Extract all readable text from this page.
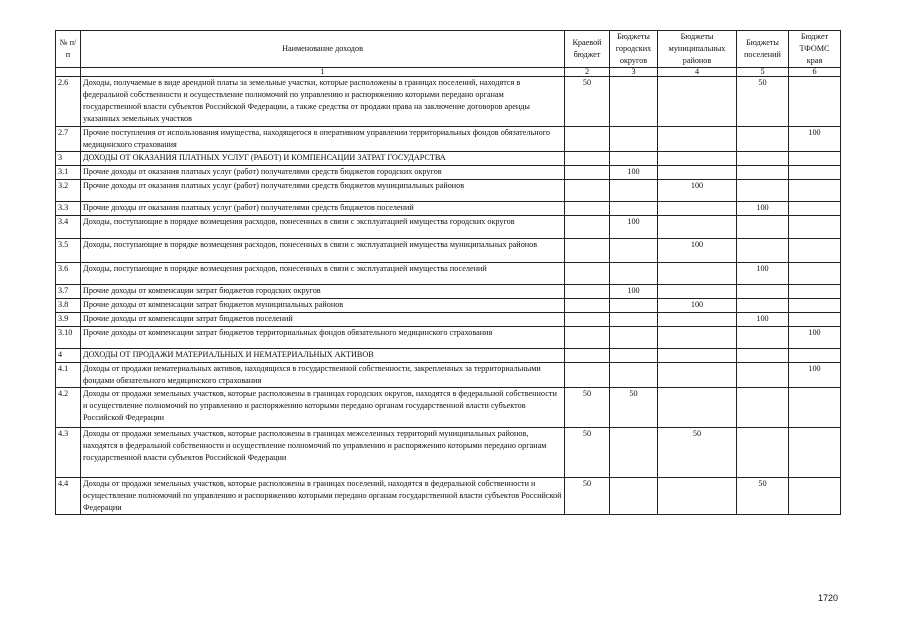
№ п/п	Наименование доходов	Краевой бюджет	Бюджеты городских округов	Бюджеты муниципальных районов	Бюджеты поселений	Бюджет ТФОМС края
	1	2	3	4	5	6
2.6	Доходы, получаемые в виде арендной платы за земельные участки, которые расположены в границах поселений, находятся в федеральной собственности и осуществление полномочий по управлению и распоряжению которыми передано органам государственной власти субъектов Российской Федерации, а также средства от продажи права на заключение договоров аренды указанных земельных участков	50			50	
2.7	Прочие поступления от использования имущества, находящегося в оперативном управлении территориальных фондов обязательного медицинского страхования					100
3	ДОХОДЫ ОТ ОКАЗАНИЯ ПЛАТНЫХ УСЛУГ (РАБОТ) И КОМПЕНСАЦИИ ЗАТРАТ ГОСУДАРСТВА					
3.1	Прочие доходы от оказания платных услуг (работ) получателями средств бюджетов городских округов		100			
3.2	Прочие доходы от оказания платных услуг (работ) получателями средств бюджетов муниципальных районов			100		
3.3	Прочие доходы от оказания платных услуг (работ) получателями средств бюджетов поселений				100	
3.4	Доходы, поступающие в порядке возмещения расходов, понесенных в связи с эксплуатацией имущества городских округов		100			
3.5	Доходы, поступающие в порядке возмещения расходов, понесенных в связи с эксплуатацией имущества муниципальных районов			100		
3.6	Доходы, поступающие в порядке возмещения расходов, понесенных в связи с эксплуатацией имущества поселений				100	
3.7	Прочие доходы от компенсации затрат бюджетов городских округов		100			
3.8	Прочие доходы от компенсации затрат бюджетов муниципальных районов			100		
3.9	Прочие доходы от компенсации затрат бюджетов поселений				100	
3.10	Прочие доходы от компенсации затрат бюджетов территориальных фондов обязательного медицинского страхования					100
4	ДОХОДЫ ОТ ПРОДАЖИ МАТЕРИАЛЬНЫХ И НЕМАТЕРИАЛЬНЫХ АКТИВОВ					
4.1	Доходы от продажи нематериальных активов, находящихся в государственной собственности, закрепленных за территориальными фондами обязательного медицинского страхования					100
4.2	Доходы от продажи земельных участков, которые расположены в границах городских округов, находятся в федеральной собственности и осуществление полномочий по управлению и распоряжению которыми передано органам государственной власти субъектов Российской Федерации	50	50			
4.3	Доходы от продажи земельных участков, которые расположены в границах межселенных территорий муниципальных районов, находятся в федеральной собственности и осуществление полномочий по управлению и распоряжению которыми передано органам государственной власти субъектов Российской Федерации	50		50		
4.4	Доходы от продажи земельных участков, которые расположены в границах поселений, находятся в федеральной собственности и осуществление полномочий по управлению и распоряжению которыми передано органам государственной власти субъектов Российской Федерации	50			50	
1720
